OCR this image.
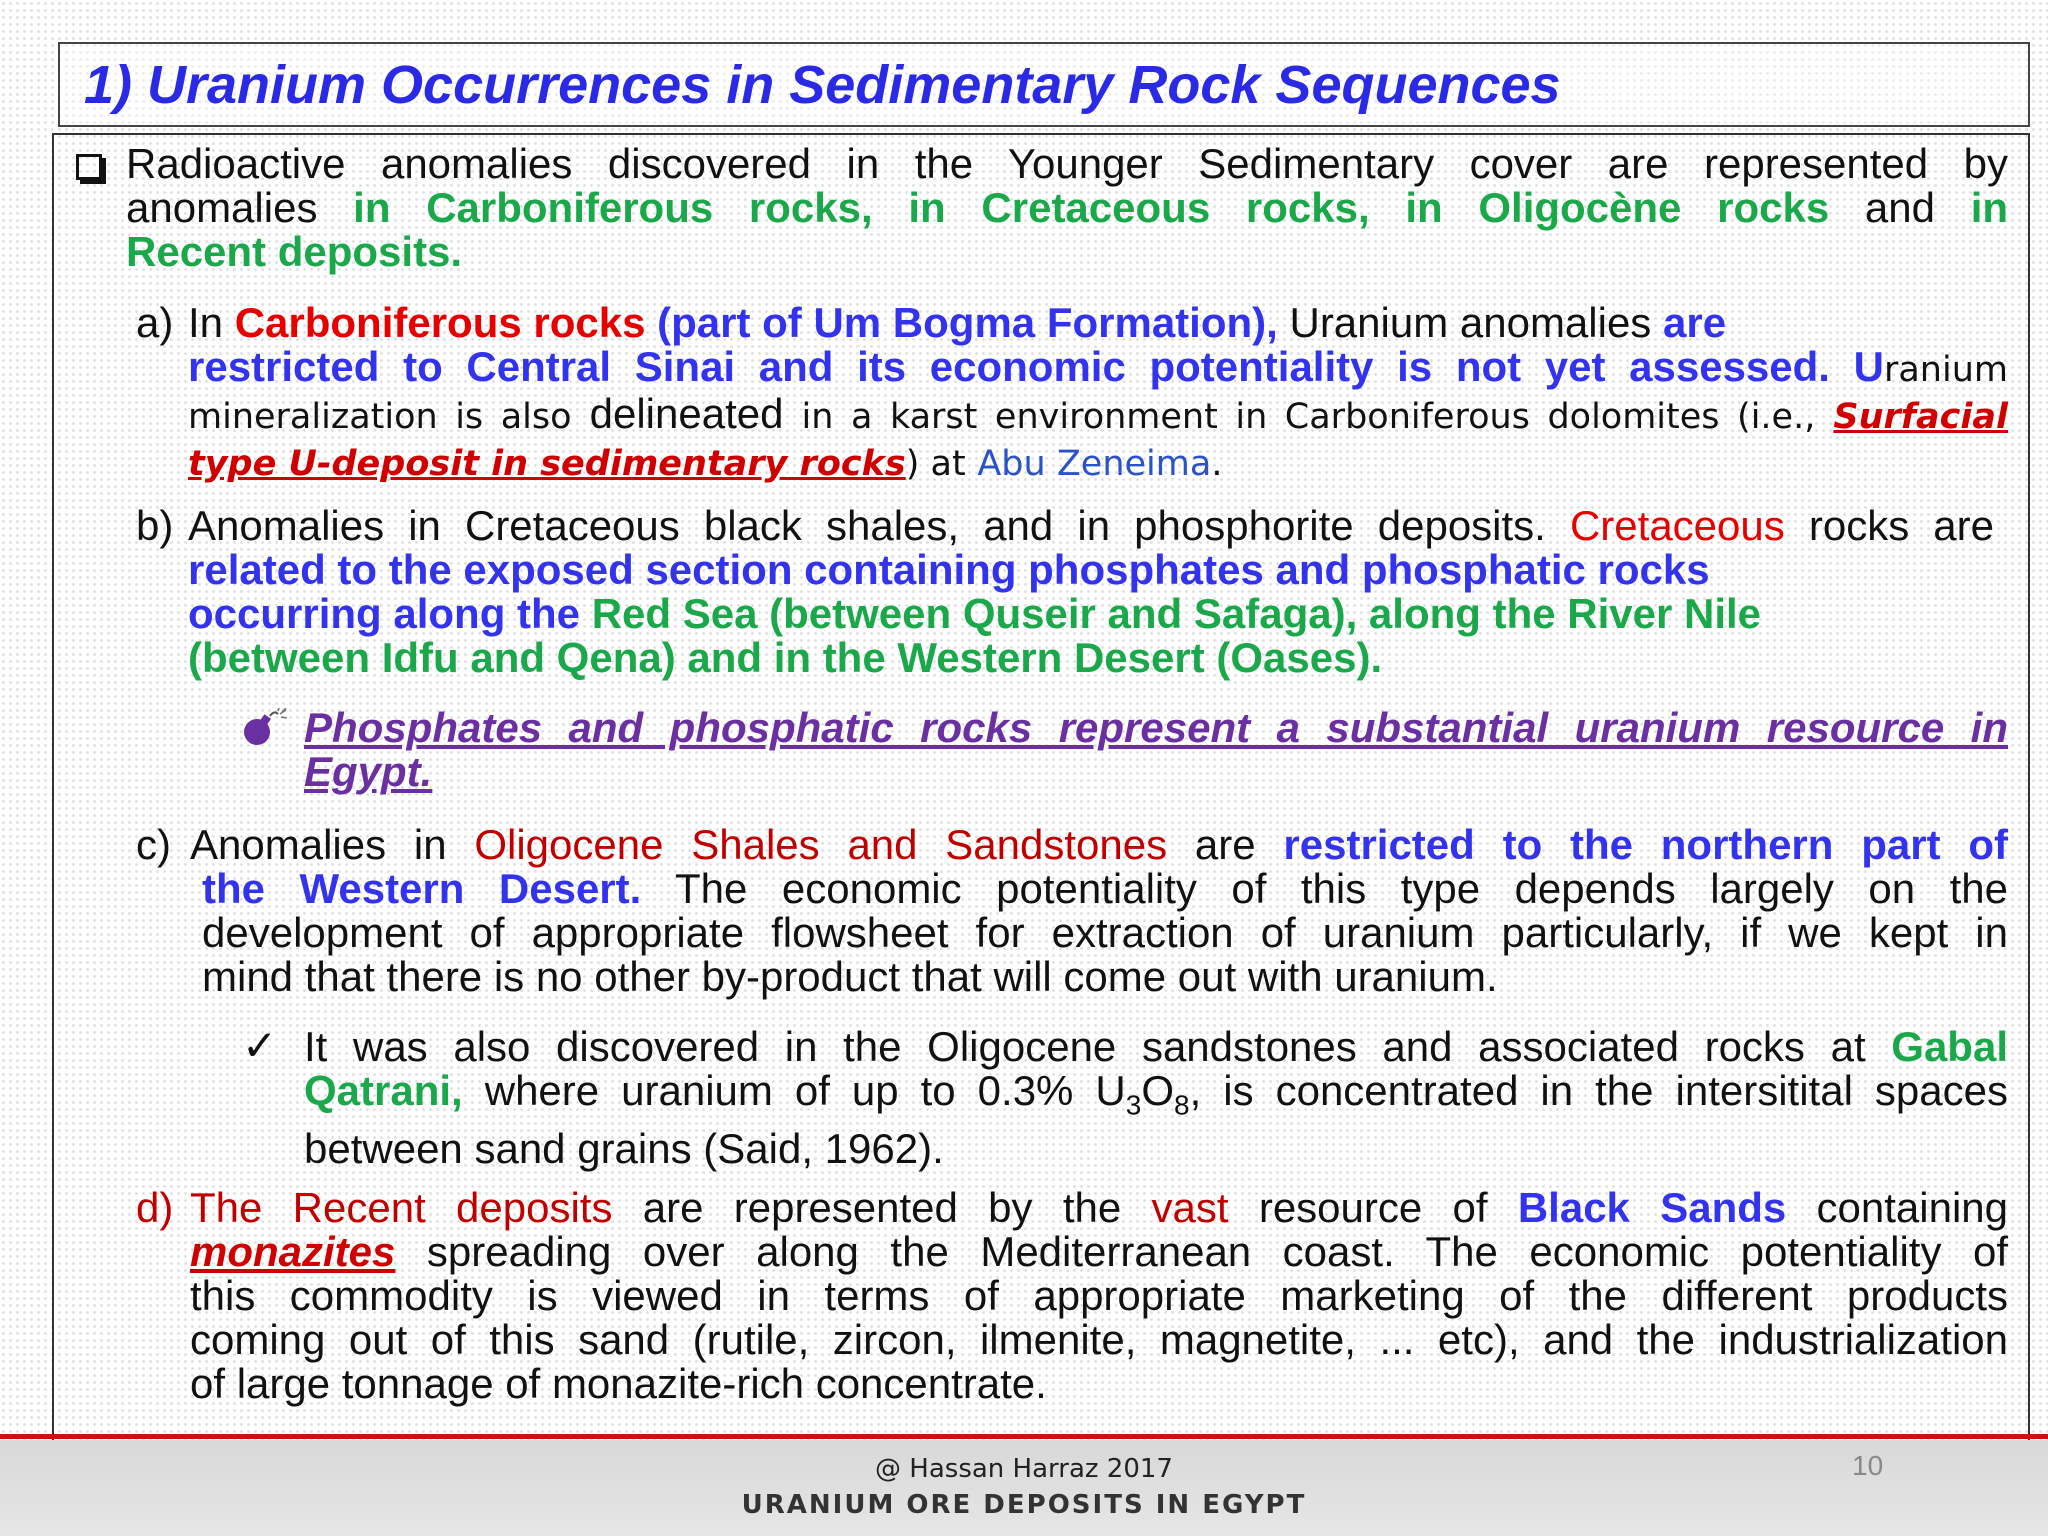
1) Uranium Occurrences in Sedimentary Rock Sequences
Radioactive anomalies discovered in the Younger Sedimentary cover are represented by
anomalies in Carboniferous rocks, in Cretaceous rocks, in Oligocène rocks and in
Recent deposits.
a) In Carboniferous rocks (part of Um Bogma Formation), Uranium anomalies are
restricted to Central Sinai and its economic potentiality is not yet assessed. Uranium
mineralization is also delineated in a karst environment in Carboniferous dolomites (i.e., Surfacial
type U-deposit in sedimentary rocks) at Abu Zeneima.
b) Anomalies in Cretaceous black shales, and in phosphorite deposits. Cretaceous rocks are
related to the exposed section containing phosphates and phosphatic rocks
occurring along the Red Sea (between Quseir and Safaga), along the River Nile
(between Idfu and Qena) and in the Western Desert (Oases).
Phosphates and phosphatic rocks represent a substantial uranium resource in
Egypt.
c) Anomalies in Oligocene Shales and Sandstones are restricted to the northern part of
the Western Desert. The economic potentiality of this type depends largely on the
development of appropriate flowsheet for extraction of uranium particularly, if we kept in
mind that there is no other by-product that will come out with uranium.
✓ It was also discovered in the Oligocene sandstones and associated rocks at Gabal
Qatrani, where uranium of up to 0.3% $U_3O_8$, is concentrated in the intersitital spaces
between sand grains (Said, 1962).
d) The Recent deposits are represented by the vast resource of Black Sands containing
monazites spreading over along the Mediterranean coast. The economic potentiality of
this commodity is viewed in terms of appropriate marketing of the different products
coming out of this sand (rutile, zircon, ilmenite, magnetite, ... etc), and the industrialization
of large tonnage of monazite-rich concentrate.
@ Hassan Harraz 2017
URANIUM ORE DEPOSITS IN EGYPT
10
